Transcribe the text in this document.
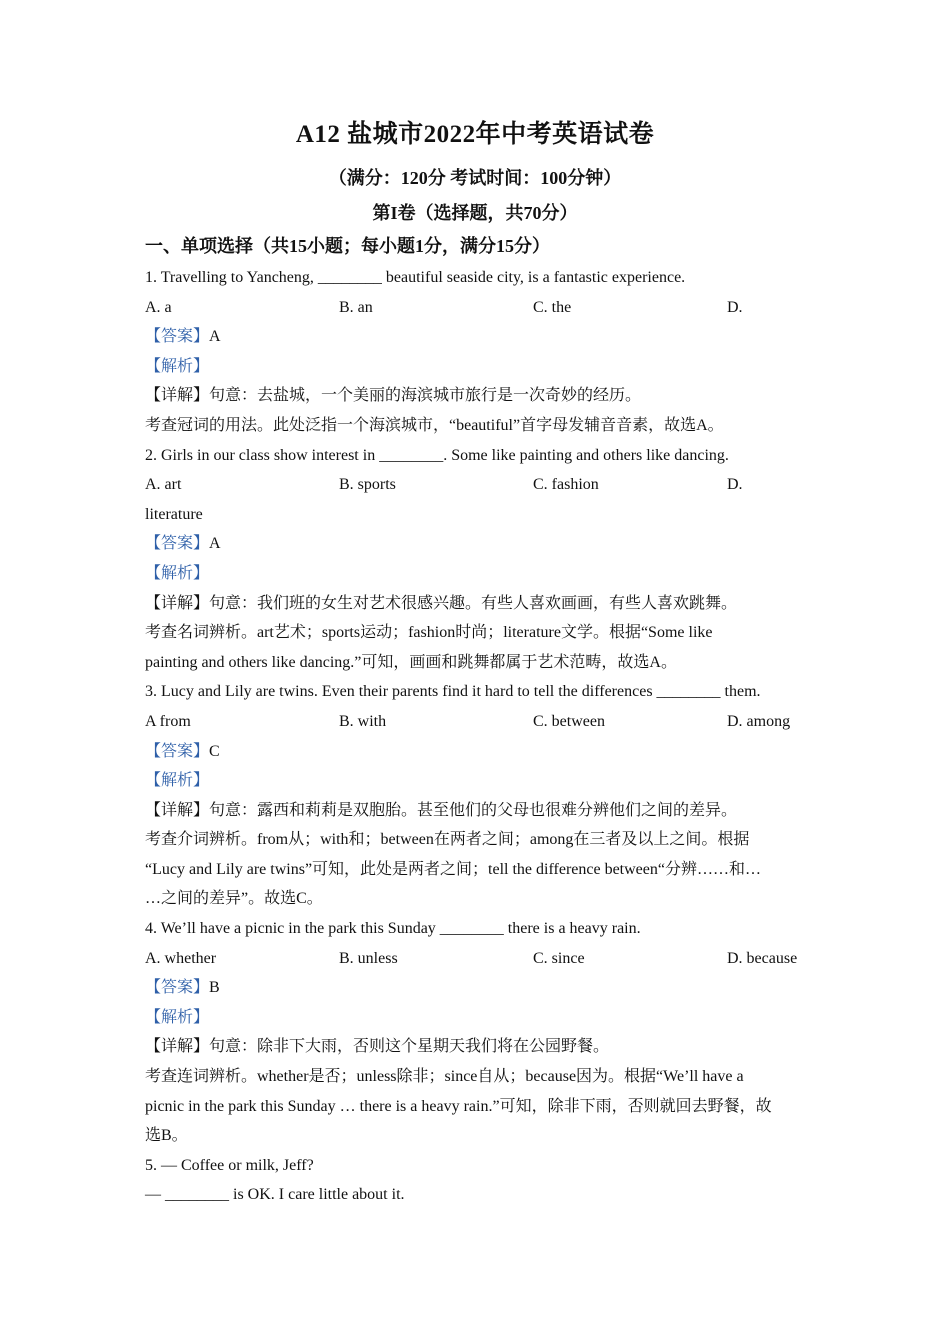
A12 盐城市2022年中考英语试卷
（满分：120分 考试时间：100分钟）
第I卷（选择题，共70分）
一、单项选择（共15小题；每小题1分，满分15分）
1. Travelling to Yancheng, ________ beautiful seaside city, is a fantastic experience.
A. a	B. an	C. the	D.
【答案】A
【解析】
【详解】句意：去盐城，一个美丽的海滨城市旅行是一次奇妙的经历。
考查冠词的用法。此处泛指一个海滨城市，“beautiful”首字母发辅音音素，故选A。
2. Girls in our class show interest in ________. Some like painting and others like dancing.
A. art	B. sports	C. fashion	D.
literature
【答案】A
【解析】
【详解】句意：我们班的女生对艺术很感兴趣。有些人喜欢画画，有些人喜欢跳舞。
考查名词辨析。art艺术；sports运动；fashion时尚；literature文学。根据“Some like
painting and others like dancing.”可知，画画和跳舞都属于艺术范畴，故选A。
3. Lucy and Lily are twins. Even their parents find it hard to tell the differences ________ them.
A from	B. with	C. between	D. among
【答案】C
【解析】
【详解】句意：露西和莉莉是双胞胎。甚至他们的父母也很难分辨他们之间的差异。
考查介词辨析。from从；with和；between在两者之间；among在三者及以上之间。根据
“Lucy and Lily are twins”可知，此处是两者之间；tell the difference between“分辨……和…
…之间的差异”。故选C。
4. We’ll have a picnic in the park this Sunday ________ there is a heavy rain.
A. whether	B. unless	C. since	D. because
【答案】B
【解析】
【详解】句意：除非下大雨，否则这个星期天我们将在公园野餐。
考查连词辨析。whether是否；unless除非；since自从；because因为。根据“We’ll have a
picnic in the park this Sunday … there is a heavy rain.”可知，除非下雨，否则就回去野餐，故
选B。
5. — Coffee or milk, Jeff?
— ________ is OK. I care little about it.
